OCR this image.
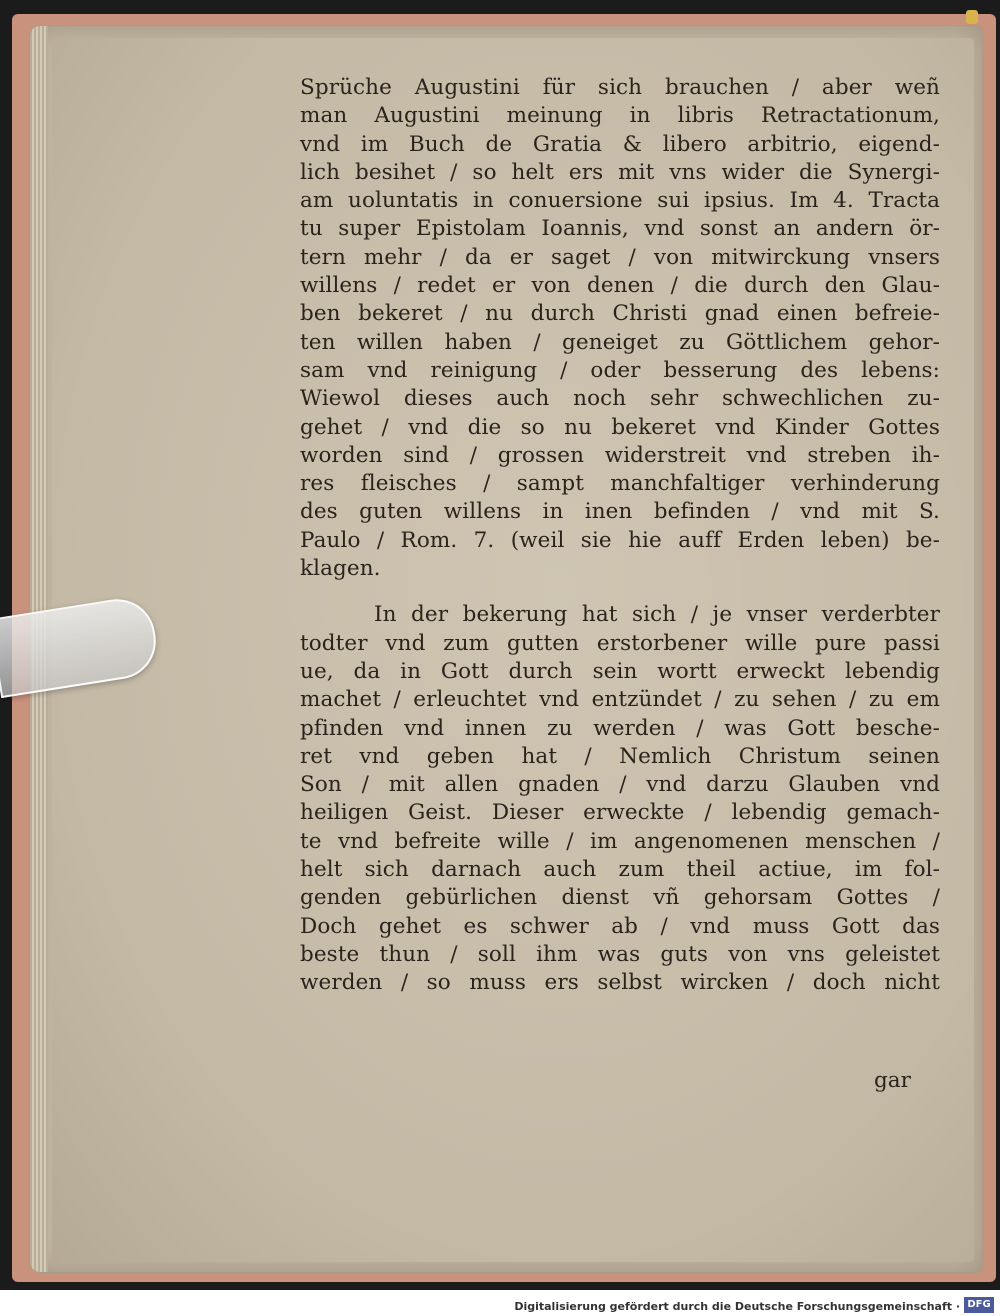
Sprüche Augustini für sich brauchen / aber weñ
man Augustini meinung in libris Retractationum,
vnd im Buch de Gratia & libero arbitrio, eigend-
lich besihet / so helt ers mit vns wider die Synergi-
am uoluntatis in conuersione sui ipsius. Im 4. Tracta
tu super Epistolam Ioannis, vnd sonst an andern ör-
tern mehr / da er saget / von mitwirckung vnsers
willens / redet er von denen / die durch den Glau-
ben bekeret / nu durch Christi gnad einen befreie-
ten willen haben / geneiget zu Göttlichem gehor-
sam vnd reinigung / oder besserung des lebens:
Wiewol dieses auch noch sehr schwechlichen zu-
gehet / vnd die so nu bekeret vnd Kinder Gottes
worden sind / grossen widerstreit vnd streben ih-
res fleisches / sampt manchfaltiger verhinderung
des guten willens in inen befinden / vnd mit S.
Paulo / Rom. 7. (weil sie hie auff Erden leben) be-
klagen.
In der bekerung hat sich / je vnser verderbter
todter vnd zum gutten erstorbener wille pure passi
ue, da in Gott durch sein wortt erweckt lebendig
machet / erleuchtet vnd entzündet / zu sehen / zu em
pfinden vnd innen zu werden / was Gott besche-
ret vnd geben hat / Nemlich Christum seinen
Son / mit allen gnaden / vnd darzu Glauben vnd
heiligen Geist. Dieser erweckte / lebendig gemach-
te vnd befreite wille / im angenomenen menschen /
helt sich darnach auch zum theil actiue, im fol-
genden gebürlichen dienst vñ gehorsam Gottes /
Doch gehet es schwer ab / vnd muss Gott das
beste thun / soll ihm was guts von vns geleistet
werden / so muss ers selbst wircken / doch nicht
gar
Digitalisierung gefördert durch die Deutsche Forschungsgemeinschaft · DFG
